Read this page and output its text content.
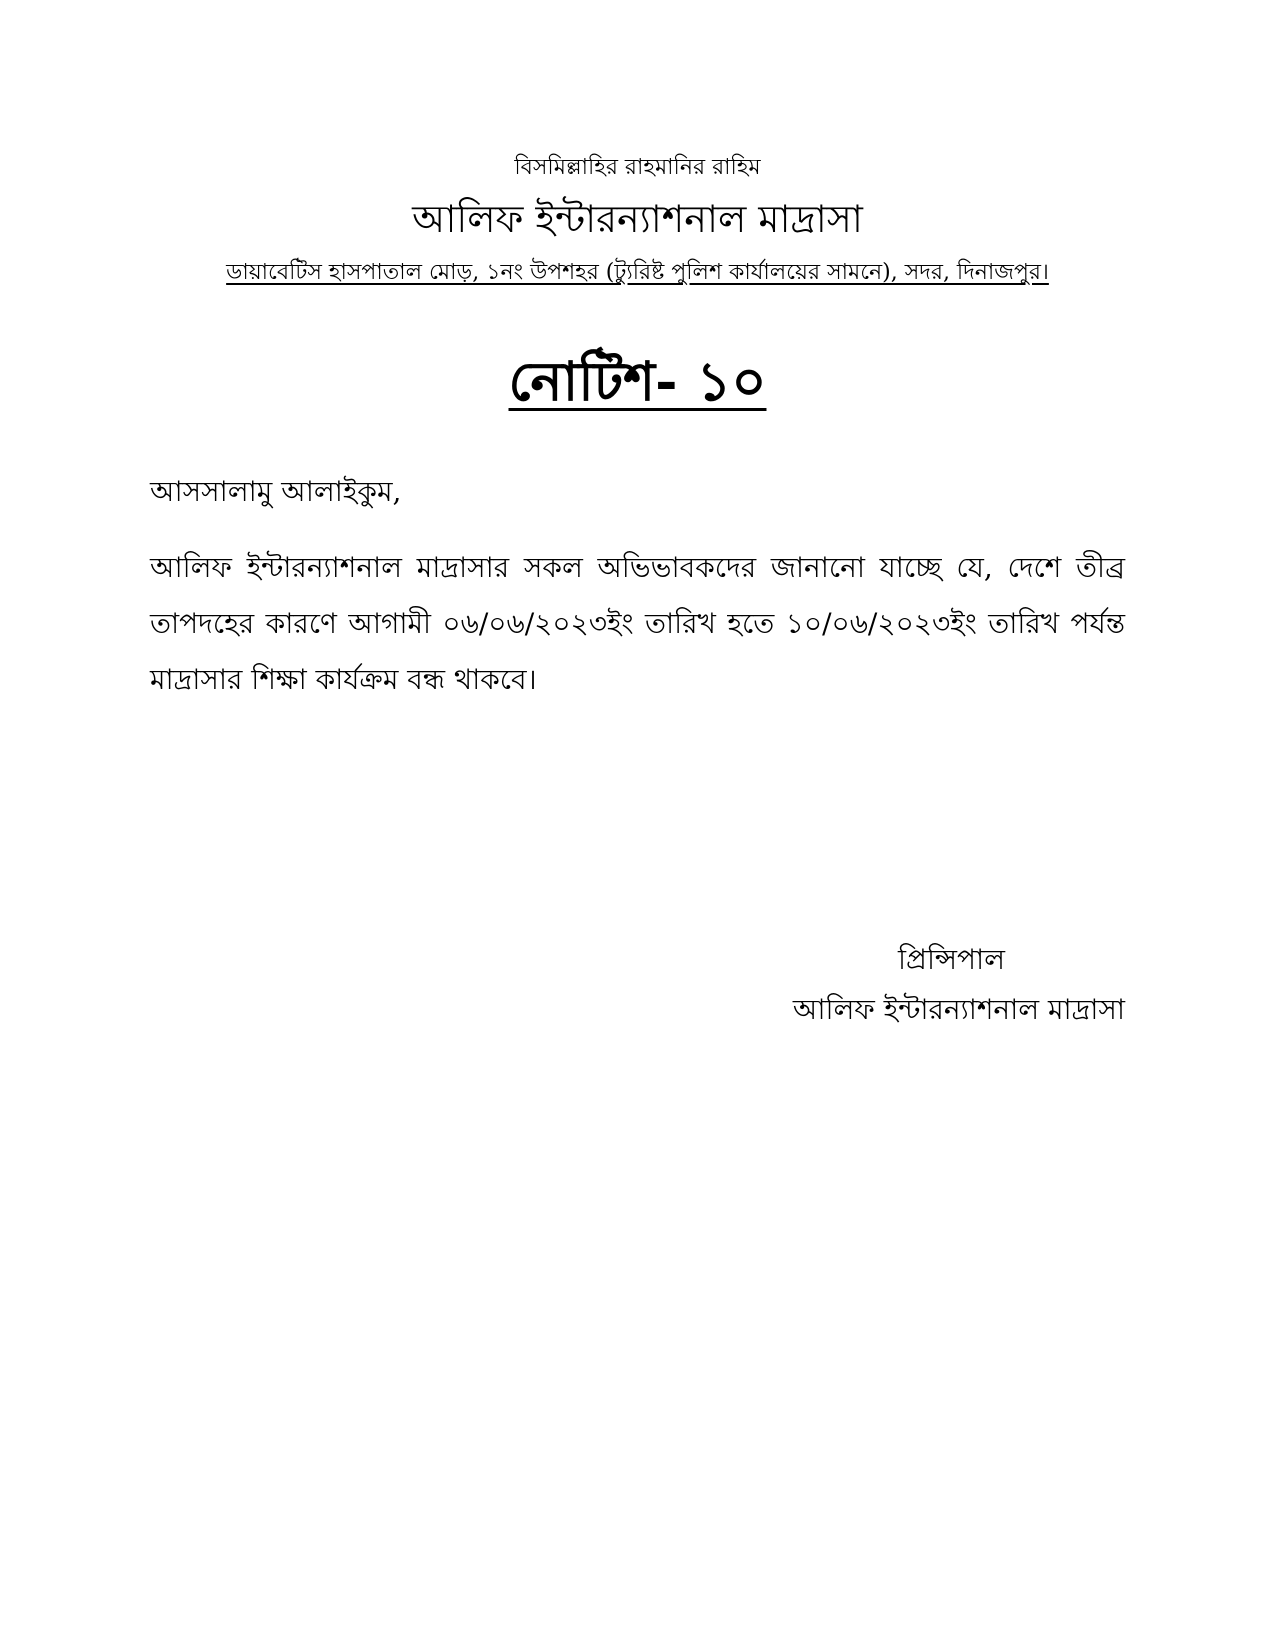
বিসমিল্লাহির রাহমানির রাহিম
আলিফ ইন্টারন্যাশনাল মাদ্রাসা
ডায়াবেটিস হাসপাতাল মোড়, ১নং উপশহর (ট্যুরিষ্ট পুলিশ কার্যালয়ের সামনে), সদর, দিনাজপুর।
নোটিশ- ১০
আসসালামু আলাইকুম,
আলিফ ইন্টারন্যাশনাল মাদ্রাসার সকল অভিভাবকদের জানানো যাচ্ছে যে, দেশে তীব্র তাপদহের কারণে আগামী ০৬/০৬/২০২৩ইং তারিখ হতে ১০/০৬/২০২৩ইং তারিখ পর্যন্ত মাদ্রাসার শিক্ষা কার্যক্রম বন্ধ থাকবে।
প্রিন্সিপাল
আলিফ ইন্টারন্যাশনাল মাদ্রাসা
